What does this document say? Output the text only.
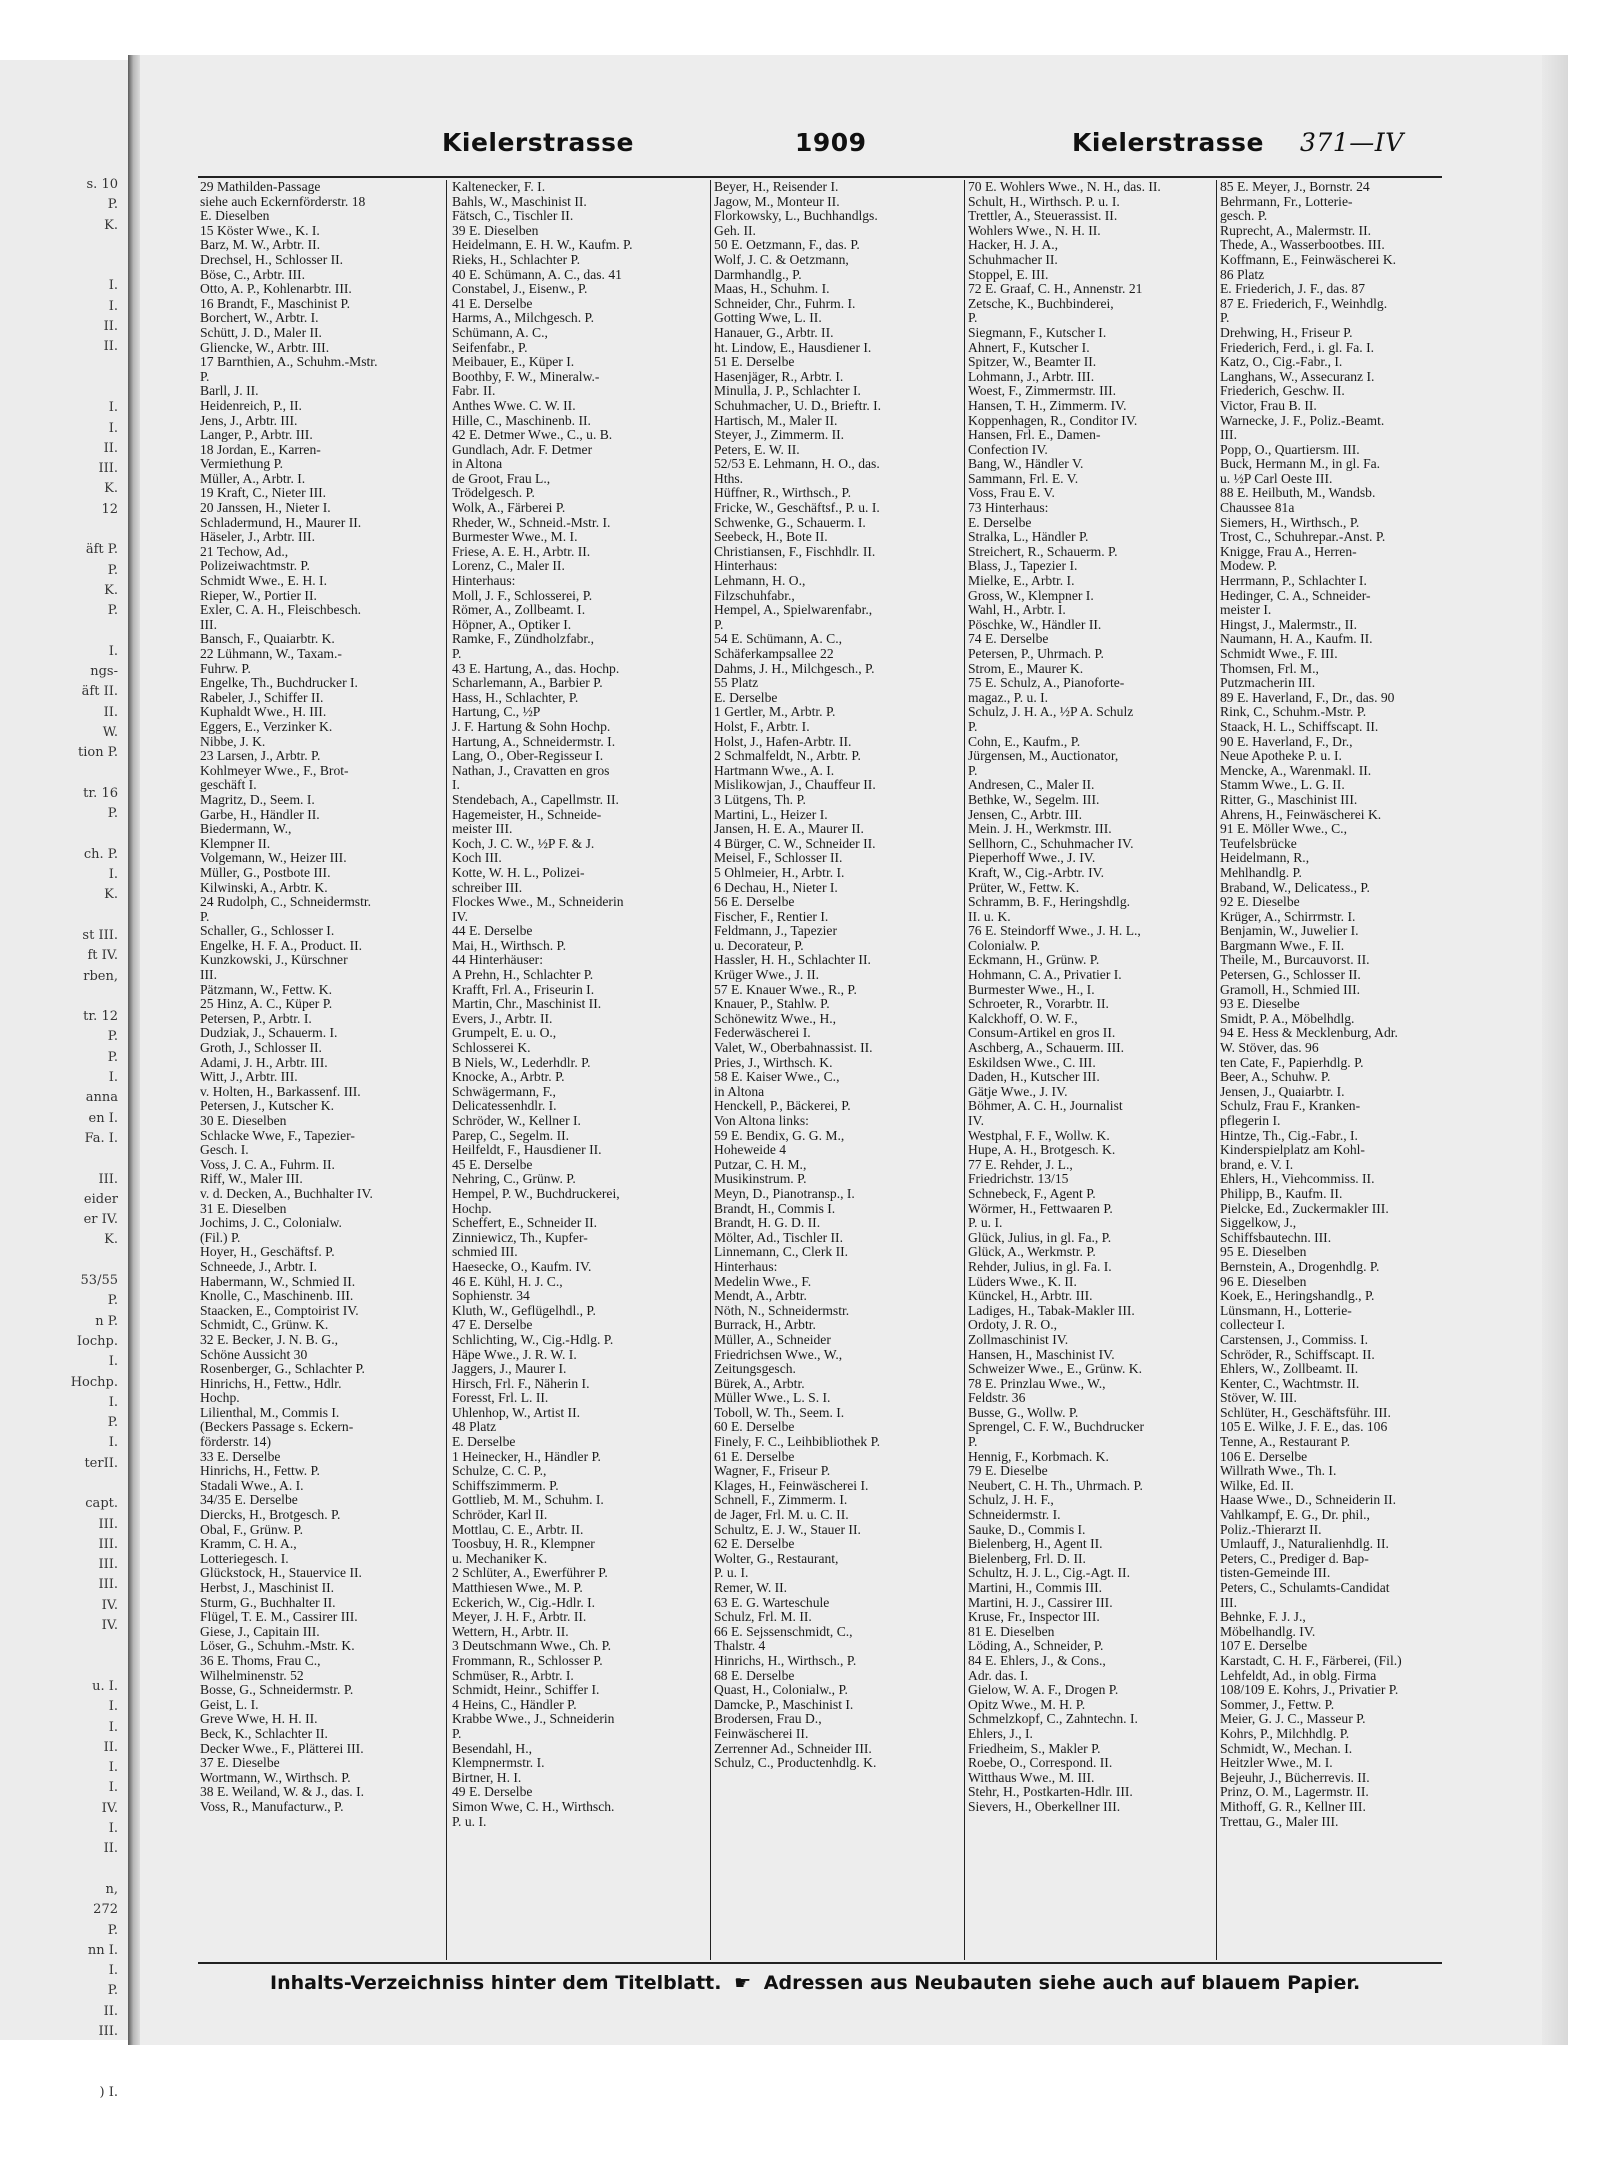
s. 10
P.
K.
I.
I.
II.
II.
I.
I.
II.
III.
K.
12
äft P.
P.
K.
P.
I.
ngs-
äft II.
II.
W.
tion P.
tr. 16
P.
ch. P.
I.
K.
st III.
ft IV.
rben,
tr. 12
P.
P.
I.
anna
en I.
Fa. I.
III.
eider
er IV.
K.
53/55
P.
n P.
Iochp.
I.
Hochp.
I.
P.
I.
terII.
capt.
III.
III.
III.
III.
IV.
IV.
u. I.
I.
I.
II.
I.
I.
IV.
I.
II.
n,
272
P.
nn I.
I.
P.
II.
III.
) I.
Kielerstrasse	1909	Kielerstrasse 371—IV
29 Mathilden-Passage
siehe auch Eckernförderstr. 18
E. Dieselben
15 Köster Wwe., K. I.
Barz, M. W., Arbtr. II.
Drechsel, H., Schlosser II.
Böse, C., Arbtr. III.
Otto, A. P., Kohlenarbtr. III.
16 Brandt, F., Maschinist P.
Borchert, W., Arbtr. I.
Schütt, J. D., Maler II.
Gliencke, W., Arbtr. III.
17 Barnthien, A., Schuhm.-Mstr.
P.
Barll, J. II.
Heidenreich, P., II.
Jens, J., Arbtr. III.
Langer, P., Arbtr. III.
18 Jordan, E., Karren-
Vermiethung P.
Müller, A., Arbtr. I.
19 Kraft, C., Nieter III.
20 Janssen, H., Nieter I.
Schladermund, H., Maurer II.
Häseler, J., Arbtr. III.
21 Techow, Ad.,
Polizeiwachtmstr. P.
Schmidt Wwe., E. H. I.
Rieper, W., Portier II.
Exler, C. A. H., Fleischbesch.
III.
Bansch, F., Quaiarbtr. K.
22 Lühmann, W., Taxam.-
Fuhrw. P.
Engelke, Th., Buchdrucker I.
Rabeler, J., Schiffer II.
Kuphaldt Wwe., H. III.
Eggers, E., Verzinker K.
Nibbe, J. K.
23 Larsen, J., Arbtr. P.
Kohlmeyer Wwe., F., Brot-
geschäft I.
Magritz, D., Seem. I.
Garbe, H., Händler II.
Biedermann, W.,
Klempner II.
Volgemann, W., Heizer III.
Müller, G., Postbote III.
Kilwinski, A., Arbtr. K.
24 Rudolph, C., Schneidermstr.
P.
Schaller, G., Schlosser I.
Engelke, H. F. A., Product. II.
Kunzkowski, J., Kürschner
III.
Pätzmann, W., Fettw. K.
25 Hinz, A. C., Küper P.
Petersen, P., Arbtr. I.
Dudziak, J., Schauerm. I.
Groth, J., Schlosser II.
Adami, J. H., Arbtr. III.
Witt, J., Arbtr. III.
v. Holten, H., Barkassenf. III.
Petersen, J., Kutscher K.
30 E. Dieselben
Schlacke Wwe, F., Tapezier-
Gesch. I.
Voss, J. C. A., Fuhrm. II.
Riff, W., Maler III.
v. d. Decken, A., Buchhalter IV.
31 E. Dieselben
Jochims, J. C., Colonialw.
(Fil.) P.
Hoyer, H., Geschäftsf. P.
Schneede, J., Arbtr. I.
Habermann, W., Schmied II.
Knolle, C., Maschinenb. III.
Staacken, E., Comptoirist IV.
Schmidt, C., Grünw. K.
32 E. Becker, J. N. B. G.,
Schöne Aussicht 30
Rosenberger, G., Schlachter P.
Hinrichs, H., Fettw., Hdlr.
Hochp.
Lilienthal, M., Commis I.
(Beckers Passage s. Eckern-
förderstr. 14)
33 E. Derselbe
Hinrichs, H., Fettw. P.
Stadali Wwe., A. I.
34/35 E. Derselbe
Diercks, H., Brotgesch. P.
Obal, F., Grünw. P.
Kramm, C. H. A.,
Lotteriegesch. I.
Glückstock, H., Stauervice II.
Herbst, J., Maschinist II.
Sturm, G., Buchhalter II.
Flügel, T. E. M., Cassirer III.
Giese, J., Capitain III.
Löser, G., Schuhm.-Mstr. K.
36 E. Thoms, Frau C.,
Wilhelminenstr. 52
Bosse, G., Schneidermstr. P.
Geist, L. I.
Greve Wwe, H. H. II.
Beck, K., Schlachter II.
Decker Wwe., F., Plätterei III.
37 E. Dieselbe
Wortmann, W., Wirthsch. P.
38 E. Weiland, W. & J., das. I.
Voss, R., Manufacturw., P.
Kaltenecker, F. I.
Bahls, W., Maschinist II.
Fätsch, C., Tischler II.
39 E. Dieselben
Heidelmann, E. H. W., Kaufm. P.
Rieks, H., Schlachter P.
40 E. Schümann, A. C., das. 41
Constabel, J., Eisenw., P.
41 E. Derselbe
Harms, A., Milchgesch. P.
Schümann, A. C.,
Seifenfabr., P.
Meibauer, E., Küper I.
Boothby, F. W., Mineralw.-
Fabr. II.
Anthes Wwe. C. W. II.
Hille, C., Maschinenb. II.
42 E. Detmer Wwe., C., u. B.
Gundlach, Adr. F. Detmer
in Altona
de Groot, Frau L.,
Trödelgesch. P.
Wolk, A., Färberei P.
Rheder, W., Schneid.-Mstr. I.
Burmester Wwe., M. I.
Friese, A. E. H., Arbtr. II.
Lorenz, C., Maler II.
Hinterhaus:
Moll, J. F., Schlosserei, P.
Römer, A., Zollbeamt. I.
Höpner, A., Optiker I.
Ramke, F., Zündholzfabr.,
P.
43 E. Hartung, A., das. Hochp.
Scharlemann, A., Barbier P.
Hass, H., Schlachter, P.
Hartung, C., ½P
J. F. Hartung & Sohn Hochp.
Hartung, A., Schneidermstr. I.
Lang, O., Ober-Regisseur I.
Nathan, J., Cravatten en gros
I.
Stendebach, A., Capellmstr. II.
Hagemeister, H., Schneide-
meister III.
Koch, J. C. W., ½P F. & J.
Koch III.
Kotte, W. H. L., Polizei-
schreiber III.
Flockes Wwe., M., Schneiderin
IV.
44 E. Derselbe
Mai, H., Wirthsch. P.
44 Hinterhäuser:
A Prehn, H., Schlachter P.
Krafft, Frl. A., Friseurin I.
Martin, Chr., Maschinist II.
Evers, J., Arbtr. II.
Grumpelt, E. u. O.,
Schlosserei K.
B Niels, W., Lederhdlr. P.
Knocke, A., Arbtr. P.
Schwägermann, F.,
Delicatessenhdlr. I.
Schröder, W., Kellner I.
Parep, C., Segelm. II.
Heilfeldt, F., Hausdiener II.
45 E. Derselbe
Nehring, C., Grünw. P.
Hempel, P. W., Buchdruckerei,
Hochp.
Scheffert, E., Schneider II.
Zinniewicz, Th., Kupfer-
schmied III.
Haesecke, O., Kaufm. IV.
46 E. Kühl, H. J. C.,
Sophienstr. 34
Kluth, W., Geflügelhdl., P.
47 E. Derselbe
Schlichting, W., Cig.-Hdlg. P.
Häpe Wwe., J. R. W. I.
Jaggers, J., Maurer I.
Hirsch, Frl. F., Näherin I.
Foresst, Frl. L. II.
Uhlenhop, W., Artist II.
48 Platz
E. Derselbe
1 Heinecker, H., Händler P.
Schulze, C. C. P.,
Schiffszimmerm. P.
Gottlieb, M. M., Schuhm. I.
Schröder, Karl II.
Mottlau, C. E., Arbtr. II.
Toosbuy, H. R., Klempner
u. Mechaniker K.
2 Schlüter, A., Ewerführer P.
Matthiesen Wwe., M. P.
Eckerich, W., Cig.-Hdlr. I.
Meyer, J. H. F., Arbtr. II.
Wettern, H., Arbtr. II.
3 Deutschmann Wwe., Ch. P.
Frommann, R., Schlosser P.
Schmüser, R., Arbtr. I.
Schmidt, Heinr., Schiffer I.
4 Heins, C., Händler P.
Krabbe Wwe., J., Schneiderin
P.
Besendahl, H.,
Klempnermstr. I.
Birtner, H. I.
49 E. Derselbe
Simon Wwe, C. H., Wirthsch.
P. u. I.
Beyer, H., Reisender I.
Jagow, M., Monteur II.
Florkowsky, L., Buchhandlgs.
Geh. II.
50 E. Oetzmann, F., das. P.
Wolf, J. C. & Oetzmann,
Darmhandlg., P.
Maas, H., Schuhm. I.
Schneider, Chr., Fuhrm. I.
Gotting Wwe, L. II.
Hanauer, G., Arbtr. II.
ht. Lindow, E., Hausdiener I.
51 E. Derselbe
Hasenjäger, R., Arbtr. I.
Minulla, J. P., Schlachter I.
Schuhmacher, U. D., Brieftr. I.
Hartisch, M., Maler II.
Steyer, J., Zimmerm. II.
Peters, E. W. II.
52/53 E. Lehmann, H. O., das.
Hths.
Hüffner, R., Wirthsch., P.
Fricke, W., Geschäftsf., P. u. I.
Schwenke, G., Schauerm. I.
Seebeck, H., Bote II.
Christiansen, F., Fischhdlr. II.
Hinterhaus:
Lehmann, H. O.,
Filzschuhfabr.,
Hempel, A., Spielwarenfabr.,
P.
54 E. Schümann, A. C.,
Schäferkampsallee 22
Dahms, J. H., Milchgesch., P.
55 Platz
E. Derselbe
1 Gertler, M., Arbtr. P.
Holst, F., Arbtr. I.
Holst, J., Hafen-Arbtr. II.
2 Schmalfeldt, N., Arbtr. P.
Hartmann Wwe., A. I.
Mislikowjan, J., Chauffeur II.
3 Lütgens, Th. P.
Martini, L., Heizer I.
Jansen, H. E. A., Maurer II.
4 Bürger, C. W., Schneider II.
Meisel, F., Schlosser II.
5 Ohlmeier, H., Arbtr. I.
6 Dechau, H., Nieter I.
56 E. Derselbe
Fischer, F., Rentier I.
Feldmann, J., Tapezier
u. Decorateur, P.
Hassler, H. H., Schlachter II.
Krüger Wwe., J. II.
57 E. Knauer Wwe., R., P.
Knauer, P., Stahlw. P.
Schönewitz Wwe., H.,
Federwäscherei I.
Valet, W., Oberbahnassist. II.
Pries, J., Wirthsch. K.
58 E. Kaiser Wwe., C.,
in Altona
Henckell, P., Bäckerei, P.
Von Altona links:
59 E. Bendix, G. G. M.,
Hoheweide 4
Putzar, C. H. M.,
Musikinstrum. P.
Meyn, D., Pianotransp., I.
Brandt, H., Commis I.
Brandt, H. G. D. II.
Mölter, Ad., Tischler II.
Linnemann, C., Clerk II.
Hinterhaus:
Medelin Wwe., F.
Mendt, A., Arbtr.
Nöth, N., Schneidermstr.
Burrack, H., Arbtr.
Müller, A., Schneider
Friedrichsen Wwe., W.,
Zeitungsgesch.
Bürek, A., Arbtr.
Müller Wwe., L. S. I.
Toboll, W. Th., Seem. I.
60 E. Derselbe
Finely, F. C., Leihbibliothek P.
61 E. Derselbe
Wagner, F., Friseur P.
Klages, H., Feinwäscherei I.
Schnell, F., Zimmerm. I.
de Jager, Frl. M. u. C. II.
Schultz, E. J. W., Stauer II.
62 E. Derselbe
Wolter, G., Restaurant,
P. u. I.
Remer, W. II.
63 E. G. Warteschule
Schulz, Frl. M. II.
66 E. Sejssenschmidt, C.,
Thalstr. 4
Hinrichs, H., Wirthsch., P.
68 E. Derselbe
Quast, H., Colonialw., P.
Damcke, P., Maschinist I.
Brodersen, Frau D.,
Feinwäscherei II.
Zerrenner Ad., Schneider III.
Schulz, C., Productenhdlg. K.
70 E. Wohlers Wwe., N. H., das. II.
Schult, H., Wirthsch. P. u. I.
Trettler, A., Steuerassist. II.
Wohlers Wwe., N. H. II.
Hacker, H. J. A.,
Schuhmacher II.
Stoppel, E. III.
72 E. Graaf, C. H., Annenstr. 21
Zetsche, K., Buchbinderei,
P.
Siegmann, F., Kutscher I.
Ahnert, F., Kutscher I.
Spitzer, W., Beamter II.
Lohmann, J., Arbtr. III.
Woest, F., Zimmermstr. III.
Hansen, T. H., Zimmerm. IV.
Koppenhagen, R., Conditor IV.
Hansen, Frl. E., Damen-
Confection IV.
Bang, W., Händler V.
Sammann, Frl. E. V.
Voss, Frau E. V.
73 Hinterhaus:
E. Derselbe
Stralka, L., Händler P.
Streichert, R., Schauerm. P.
Blass, J., Tapezier I.
Mielke, E., Arbtr. I.
Gross, W., Klempner I.
Wahl, H., Arbtr. I.
Pöschke, W., Händler II.
74 E. Derselbe
Petersen, P., Uhrmach. P.
Strom, E., Maurer K.
75 E. Schulz, A., Pianoforte-
magaz., P. u. I.
Schulz, J. H. A., ½P A. Schulz
P.
Cohn, E., Kaufm., P.
Jürgensen, M., Auctionator,
P.
Andresen, C., Maler II.
Bethke, W., Segelm. III.
Jensen, C., Arbtr. III.
Mein. J. H., Werkmstr. III.
Sellhorn, C., Schuhmacher IV.
Pieperhoff Wwe., J. IV.
Kraft, W., Cig.-Arbtr. IV.
Prüter, W., Fettw. K.
Schramm, B. F., Heringshdlg.
II. u. K.
76 E. Steindorff Wwe., J. H. L.,
Colonialw. P.
Eckmann, H., Grünw. P.
Hohmann, C. A., Privatier I.
Burmester Wwe., H., I.
Schroeter, R., Vorarbtr. II.
Kalckhoff, O. W. F.,
Consum-Artikel en gros II.
Aschberg, A., Schauerm. III.
Eskildsen Wwe., C. III.
Daden, H., Kutscher III.
Gätje Wwe., J. IV.
Böhmer, A. C. H., Journalist
IV.
Westphal, F. F., Wollw. K.
Hupe, A. H., Brotgesch. K.
77 E. Rehder, J. L.,
Friedrichstr. 13/15
Schnebeck, F., Agent P.
Wörmer, H., Fettwaaren P.
P. u. I.
Glück, Julius, in gl. Fa., P.
Glück, A., Werkmstr. P.
Rehder, Julius, in gl. Fa. I.
Lüders Wwe., K. II.
Künckel, H., Arbtr. III.
Ladiges, H., Tabak-Makler III.
Ordoty, J. R. O.,
Zollmaschinist IV.
Hansen, H., Maschinist IV.
Schweizer Wwe., E., Grünw. K.
78 E. Prinzlau Wwe., W.,
Feldstr. 36
Busse, G., Wollw. P.
Sprengel, C. F. W., Buchdrucker
P.
Hennig, F., Korbmach. K.
79 E. Dieselbe
Neubert, C. H. Th., Uhrmach. P.
Schulz, J. H. F.,
Schneidermstr. I.
Sauke, D., Commis I.
Bielenberg, H., Agent II.
Bielenberg, Frl. D. II.
Schultz, H. J. L., Cig.-Agt. II.
Martini, H., Commis III.
Martini, H. J., Cassirer III.
Kruse, Fr., Inspector III.
81 E. Dieselben
Löding, A., Schneider, P.
84 E. Ehlers, J., & Cons.,
Adr. das. I.
Gielow, W. A. F., Drogen P.
Opitz Wwe., M. H. P.
Schmelzkopf, C., Zahntechn. I.
Ehlers, J., I.
Friedheim, S., Makler P.
Roebe, O., Correspond. II.
Witthaus Wwe., M. III.
Stehr, H., Postkarten-Hdlr. III.
Sievers, H., Oberkellner III.
85 E. Meyer, J., Bornstr. 24
Behrmann, Fr., Lotterie-
gesch. P.
Ruprecht, A., Malermstr. II.
Thede, A., Wasserbootbes. III.
Koffmann, E., Feinwäscherei K.
86 Platz
E. Friederich, J. F., das. 87
87 E. Friederich, F., Weinhdlg.
P.
Drehwing, H., Friseur P.
Friederich, Ferd., i. gl. Fa. I.
Katz, O., Cig.-Fabr., I.
Langhans, W., Assecuranz I.
Friederich, Geschw. II.
Victor, Frau B. II.
Warnecke, J. F., Poliz.-Beamt.
III.
Popp, O., Quartiersm. III.
Buck, Hermann M., in gl. Fa.
u. ½P Carl Oeste III.
88 E. Heilbuth, M., Wandsb.
Chaussee 81a
Siemers, H., Wirthsch., P.
Trost, C., Schuhrepar.-Anst. P.
Knigge, Frau A., Herren-
Modew. P.
Herrmann, P., Schlachter I.
Hedinger, C. A., Schneider-
meister I.
Hingst, J., Malermstr., II.
Naumann, H. A., Kaufm. II.
Schmidt Wwe., F. III.
Thomsen, Frl. M.,
Putzmacherin III.
89 E. Haverland, F., Dr., das. 90
Rink, C., Schuhm.-Mstr. P.
Staack, H. L., Schiffscapt. II.
90 E. Haverland, F., Dr.,
Neue Apotheke P. u. I.
Mencke, A., Warenmakl. II.
Stamm Wwe., L. G. II.
Ritter, G., Maschinist III.
Ahrens, H., Feinwäscherei K.
91 E. Möller Wwe., C.,
Teufelsbrücke
Heidelmann, R.,
Mehlhandlg. P.
Braband, W., Delicatess., P.
92 E. Dieselbe
Krüger, A., Schirrmstr. I.
Benjamin, W., Juwelier I.
Bargmann Wwe., F. II.
Theile, M., Burcauvorst. II.
Petersen, G., Schlosser II.
Gramoll, H., Schmied III.
93 E. Dieselbe
Smidt, P. A., Möbelhdlg.
94 E. Hess & Mecklenburg, Adr.
W. Stöver, das. 96
ten Cate, F., Papierhdlg. P.
Beer, A., Schuhw. P.
Jensen, J., Quaiarbtr. I.
Schulz, Frau F., Kranken-
pflegerin I.
Hintze, Th., Cig.-Fabr., I.
Kinderspielplatz am Kohl-
brand, e. V. I.
Ehlers, H., Viehcommiss. II.
Philipp, B., Kaufm. II.
Pielcke, Ed., Zuckermakler III.
Siggelkow, J.,
Schiffsbautechn. III.
95 E. Dieselben
Bernstein, A., Drogenhdlg. P.
96 E. Dieselben
Koek, E., Heringshandlg., P.
Lünsmann, H., Lotterie-
collecteur I.
Carstensen, J., Commiss. I.
Schröder, R., Schiffscapt. II.
Ehlers, W., Zollbeamt. II.
Kenter, C., Wachtmstr. II.
Stöver, W. III.
Schlüter, H., Geschäftsführ. III.
105 E. Wilke, J. F. E., das. 106
Tenne, A., Restaurant P.
106 E. Derselbe
Willrath Wwe., Th. I.
Wilke, Ed. II.
Haase Wwe., D., Schneiderin II.
Vahlkampf, E. G., Dr. phil.,
Poliz.-Thierarzt II.
Umlauff, J., Naturalienhdlg. II.
Peters, C., Prediger d. Bap-
tisten-Gemeinde III.
Peters, C., Schulamts-Candidat
III.
Behnke, F. J. J.,
Möbelhandlg. IV.
107 E. Derselbe
Karstadt, C. H. F., Färberei, (Fil.)
Lehfeldt, Ad., in oblg. Firma
108/109 E. Kohrs, J., Privatier P.
Sommer, J., Fettw. P.
Meier, G. J. C., Masseur P.
Kohrs, P., Milchhdlg. P.
Schmidt, W., Mechan. I.
Heitzler Wwe., M. I.
Bejeuhr, J., Bücherrevis. II.
Prinz, O. M., Lagermstr. II.
Mithoff, G. R., Kellner III.
Trettau, G., Maler III.
Inhalts-Verzeichniss hinter dem Titelblatt. ☛ Adressen aus Neubauten siehe auch auf blauem Papier.
